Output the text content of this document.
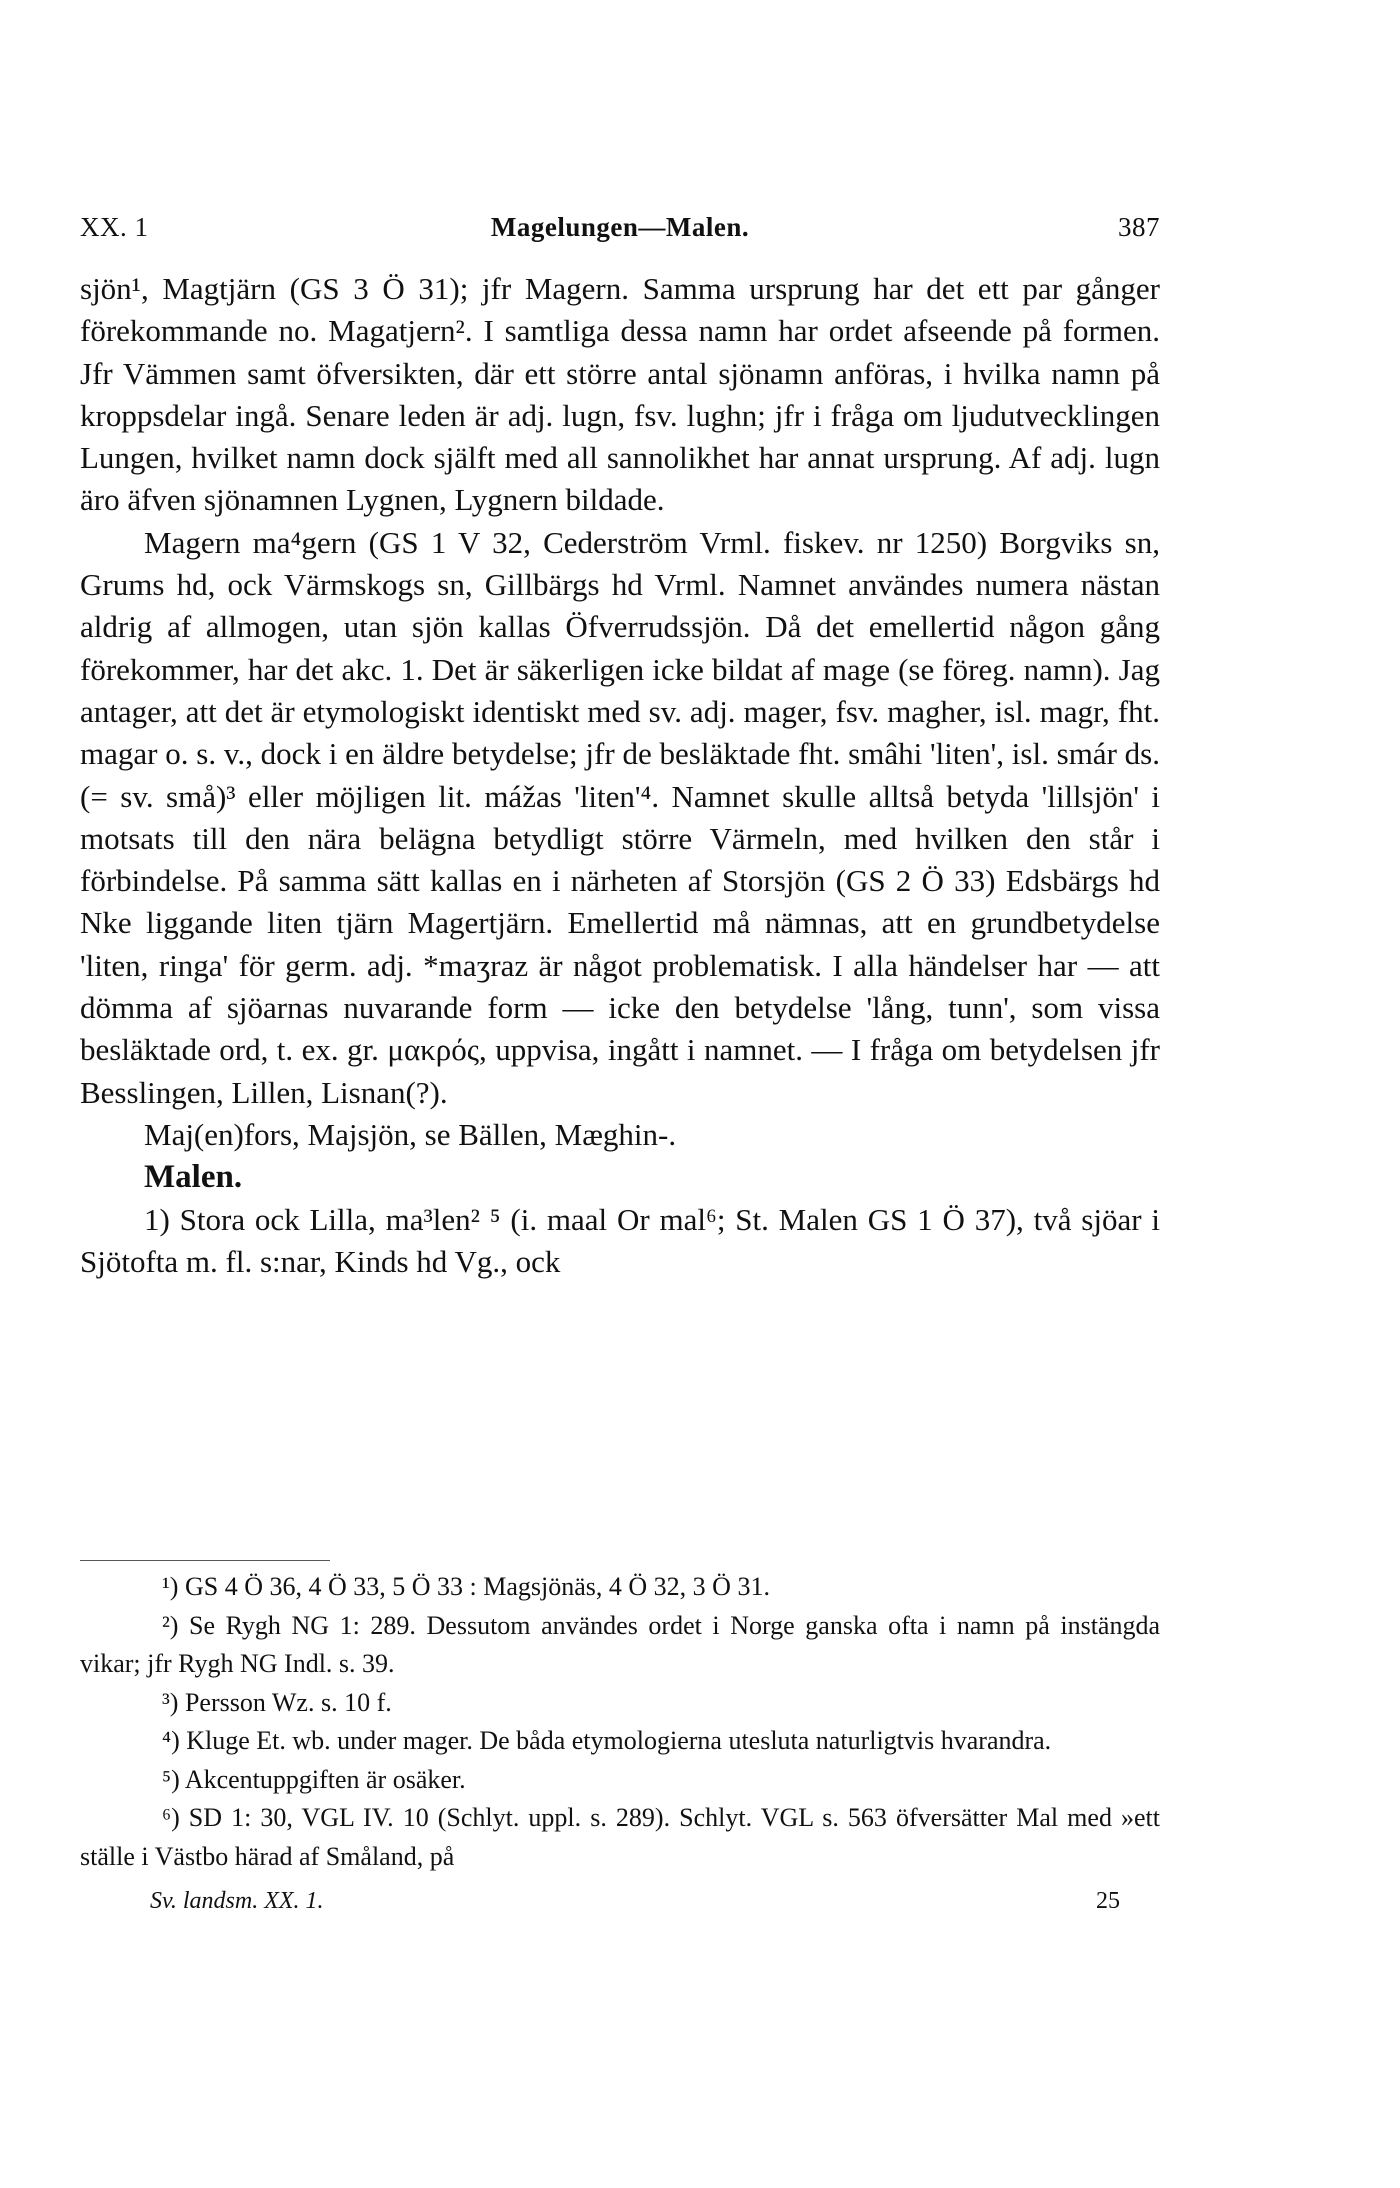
XX. 1	Magelungen—Malen.	387

sjön¹, Magtjärn (GS 3 Ö 31); jfr Magern. Samma ursprung har det ett par gånger förekommande no. Magatjern². I samtliga dessa namn har ordet afseende på formen. Jfr Vämmen samt öfversikten, där ett större antal sjönamn anföras, i hvilka namn på kroppsdelar ingå. Senare leden är adj. lugn, fsv. lughn; jfr i fråga om ljudutvecklingen Lungen, hvilket namn dock själft med all sannolikhet har annat ursprung. Af adj. lugn äro äfven sjönamnen Lygnen, Lygnern bildade.

Magern ma⁴gern (GS 1 V 32, Cederström Vrml. fiskev. nr 1250) Borgviks sn, Grums hd, ock Värmskogs sn, Gillbärgs hd Vrml. Namnet användes numera nästan aldrig af allmogen, utan sjön kallas Öfverrudssjön. Då det emellertid någon gång förekommer, har det akc. 1. Det är säkerligen icke bildat af mage (se föreg. namn). Jag antager, att det är etymologiskt identiskt med sv. adj. mager, fsv. magher, isl. magr, fht. magar o. s. v., dock i en äldre betydelse; jfr de besläktade fht. smâhi 'liten', isl. smár ds. (= sv. små)³ eller möjligen lit. mážas 'liten'⁴. Namnet skulle alltså betyda 'lillsjön' i motsats till den nära belägna betydligt större Värmeln, med hvilken den står i förbindelse. På samma sätt kallas en i närheten af Storsjön (GS 2 Ö 33) Edsbärgs hd Nke liggande liten tjärn Magertjärn. Emellertid må nämnas, att en grundbetydelse 'liten, ringa' för germ. adj. *maʒraz är något problematisk. I alla händelser har — att dömma af sjöarnas nuvarande form — icke den betydelse 'lång, tunn', som vissa besläktade ord, t. ex. gr. μακρός, uppvisa, ingått i namnet. — I fråga om betydelsen jfr Besslingen, Lillen, Lisnan(?).

Maj(en)fors, Majsjön, se Bällen, Mæghin-.

Malen.

1) Stora ock Lilla, ma³len² ⁵ (i. maal Or mal⁶; St. Malen GS 1 Ö 37), två sjöar i Sjötofta m. fl. s:nar, Kinds hd Vg., ock

¹) GS 4 Ö 36, 4 Ö 33, 5 Ö 33 : Magsjönäs, 4 Ö 32, 3 Ö 31.

²) Se Rygh NG 1: 289. Dessutom användes ordet i Norge ganska ofta i namn på instängda vikar; jfr Rygh NG Indl. s. 39.

³) Persson Wz. s. 10 f.

⁴) Kluge Et. wb. under mager. De båda etymologierna utesluta naturligtvis hvarandra.

⁵) Akcentuppgiften är osäker.

⁶) SD 1: 30, VGL IV. 10 (Schlyt. uppl. s. 289). Schlyt. VGL s. 563 öfversätter Mal med »ett ställe i Västbo härad af Småland, på

Sv. landsm. XX. 1.	25
